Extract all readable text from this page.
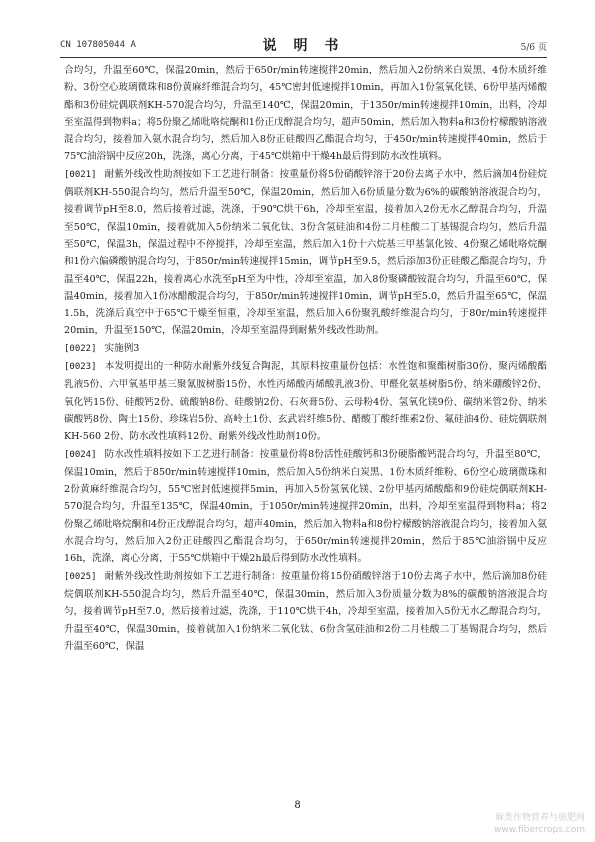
CN 107805044 A	说 明 书	5/6 页

合均匀，升温至60℃，保温20min，然后于650r/min转速搅拌20min，然后加入2份纳米白炭黑、4份木质纤维粉、3份空心玻璃微珠和8份黄麻纤维混合均匀，45℃密封低速搅拌10min，再加入1份氢氧化镁、6份甲基丙烯酸酯和3份硅烷偶联剂KH-570混合均匀，升温至140℃，保温20min，于1350r/min转速搅拌10min，出料，冷却至室温得到物料a；将5份聚乙烯吡咯烷酮和1份正戊醇混合均匀，超声50min，然后加入物料a和3份柠檬酸钠溶液混合均匀，接着加入氨水混合均匀，然后加入8份正硅酸四乙酯混合均匀，于450r/min转速搅拌40min，然后于75℃油浴锅中反应20h，洗涤，离心分离，于45℃烘箱中干燥4h最后得到防水改性填料。

[0021] 耐紫外线改性助剂按如下工艺进行制备：按重量份将5份硝酸锌溶于20份去离子水中，然后滴加4份硅烷偶联剂KH-550混合均匀，然后升温至50℃，保温20min，然后加入6份质量分数为6%的碳酸钠溶液混合均匀，接着调节pH至8.0，然后接着过滤，洗涤，于90℃烘干6h，冷却至室温，接着加入2份无水乙醇混合均匀，升温至50℃，保温10min，接着就加入5份纳米二氧化钛、3份含氢硅油和4份二月桂酸二丁基锡混合均匀，然后升温至50℃，保温3h，保温过程中不停搅拌，冷却至室温，然后加入1份十六烷基三甲基氯化铵、4份聚乙烯吡咯烷酮和1份六偏磷酸钠混合均匀，于850r/min转速搅拌15min，调节pH至9.5，然后添加3份正硅酸乙酯混合均匀，升温至40℃，保温22h，接着离心水洗至pH至为中性，冷却至室温，加入8份聚磷酸铵混合均匀，升温至60℃，保温40min，接着加入1份冰醋酸混合均匀，于850r/min转速搅拌10min，调节pH至5.0，然后升温至65℃，保温1.5h，洗涤后真空中于65℃干燥至恒重，冷却至室温，然后加入6份聚乳酸纤维混合均匀，于80r/min转速搅拌20min，升温至150℃，保温20min，冷却至室温得到耐紫外线改性助剂。

[0022] 实施例3

[0023] 本发明提出的一种防水耐紫外线复合陶泥，其原料按重量份包括：水性饱和聚酯树脂30份、聚丙烯酸酯乳液5份、六甲氧基甲基三聚氰胺树脂15份、水性丙烯酸丙烯酸乳液3份、甲醛化氨基树脂5份、纳米硼酸锌2份、氧化钙15份、硅酸钙2份、硫酸钠8份、硅酸钠2份、石灰膏5份、云母粉4份、氢氧化镁9份、碳纳米管2份、纳米碳酸钙8份、陶土15份、珍珠岩5份、高岭土1份、玄武岩纤维5份、醋酸丁酸纤维素2份、氟硅油4份、硅烷偶联剂KH-560 2份、防水改性填料12份、耐紫外线改性助剂10份。

[0024] 防水改性填料按如下工艺进行制备：按重量份将8份活性硅酸钙和3份硬脂酸钙混合均匀，升温至80℃，保温10min，然后于850r/min转速搅拌10min，然后加入5份纳米白炭黑、1份木质纤维粉、6份空心玻璃微珠和2份黄麻纤维混合均匀，55℃密封低速搅拌5min，再加入5份氢氧化镁、2份甲基丙烯酸酯和9份硅烷偶联剂KH-570混合均匀，升温至135℃，保温40min，于1050r/min转速搅拌20min，出料，冷却至室温得到物料a；将2份聚乙烯吡咯烷酮和4份正戊醇混合均匀，超声40min，然后加入物料a和8份柠檬酸钠溶液混合均匀，接着加入氨水混合均匀，然后加入2份正硅酸四乙酯混合均匀，于650r/min转速搅拌20min，然后于85℃油浴锅中反应16h，洗涤，离心分离，于55℃烘箱中干燥2h最后得到防水改性填料。

[0025] 耐紫外线改性助剂按如下工艺进行制备：按重量份将15份硝酸锌溶于10份去离子水中，然后滴加8份硅烷偶联剂KH-550混合均匀，然后升温至40℃，保温30min，然后加入3份质量分数为8%的碳酸钠溶液混合均匀，接着调节pH至7.0，然后接着过滤，洗涤，于110℃烘干4h，冷却至室温，接着加入5份无水乙醇混合均匀，升温至40℃，保温30min，接着就加入1份纳米二氧化钛、6份含氢硅油和2份二月桂酸二丁基锡混合均匀，然后升温至60℃，保温

8
麻类作物营养与施肥网
www.fibercrops.com
